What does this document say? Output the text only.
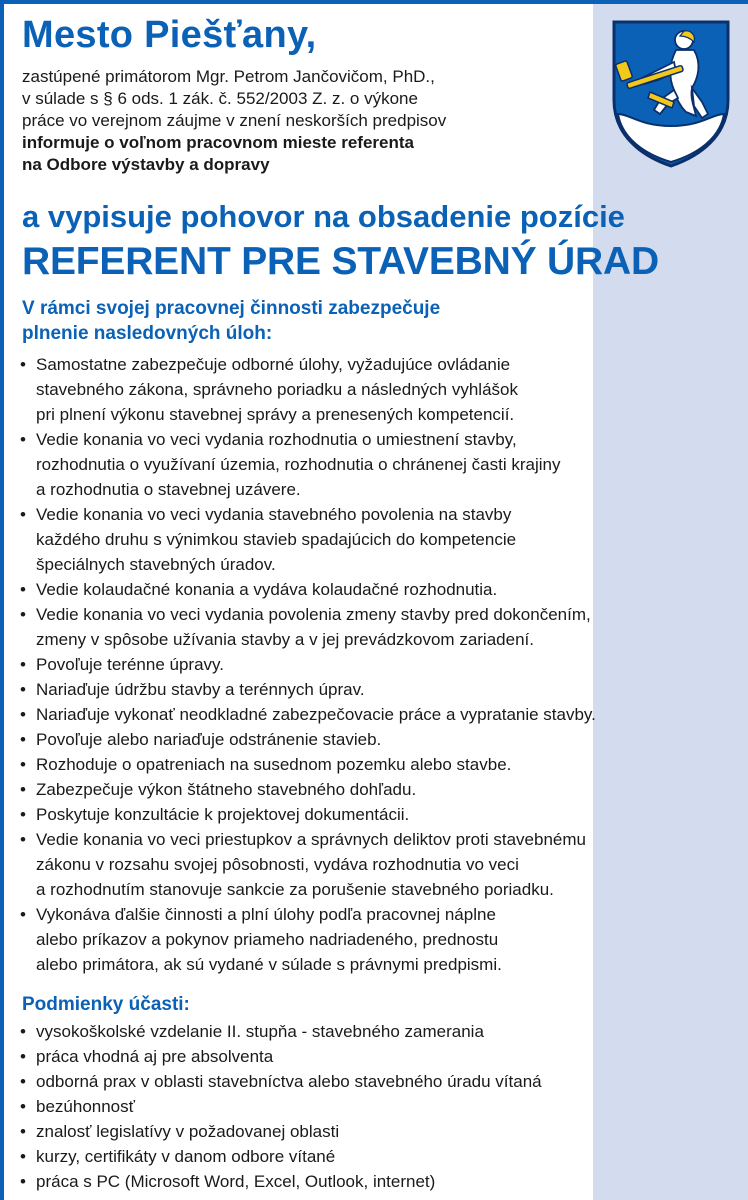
Mesto Piešťany,
zastúpené primátorom Mgr. Petrom Jančovičom, PhD.,
v súlade s § 6 ods. 1 zák. č. 552/2003 Z. z. o výkone
práce vo verejnom záujme v znení neskorších predpisov
informuje o voľnom pracovnom mieste referenta
na Odbore výstavby a dopravy
a vypisuje pohovor na obsadenie pozície
REFERENT PRE STAVEBNÝ ÚRAD
V rámci svojej pracovnej činnosti zabezpečuje
plnenie nasledovných úloh:
• Samostatne zabezpečuje odborné úlohy, vyžadujúce ovládanie
stavebného zákona, správneho poriadku a následných vyhlášok
pri plnení výkonu stavebnej správy a prenesených kompetencií.
• Vedie konania vo veci vydania rozhodnutia o umiestnení stavby,
rozhodnutia o využívaní územia, rozhodnutia o chránenej časti krajiny
a rozhodnutia o stavebnej uzávere.
• Vedie konania vo veci vydania stavebného povolenia na stavby
každého druhu s výnimkou stavieb spadajúcich do kompetencie
špeciálnych stavebných úradov.
• Vedie kolaudačné konania a vydáva kolaudačné rozhodnutia.
• Vedie konania vo veci vydania povolenia zmeny stavby pred dokončením,
zmeny v spôsobe užívania stavby a v jej prevádzkovom zariadení.
• Povoľuje terénne úpravy.
• Nariaďuje údržbu stavby a terénnych úprav.
• Nariaďuje vykonať neodkladné zabezpečovacie práce a vypratanie stavby.
• Povoľuje alebo nariaďuje odstránenie stavieb.
• Rozhoduje o opatreniach na susednom pozemku alebo stavbe.
• Zabezpečuje výkon štátneho stavebného dohľadu.
• Poskytuje konzultácie k projektovej dokumentácii.
• Vedie konania vo veci priestupkov a správnych deliktov proti stavebnému
zákonu v rozsahu svojej pôsobnosti, vydáva rozhodnutia vo veci
a rozhodnutím stanovuje sankcie za porušenie stavebného poriadku.
• Vykonáva ďalšie činnosti a plní úlohy podľa pracovnej náplne
alebo príkazov a pokynov priameho nadriadeného, prednostu
alebo primátora, ak sú vydané v súlade s právnymi predpismi.
Podmienky účasti:
• vysokoškolské vzdelanie II. stupňa - stavebného zamerania
• práca vhodná aj pre absolventa
• odborná prax v oblasti stavebníctva alebo stavebného úradu vítaná
• bezúhonnosť
• znalosť legislatívy v požadovanej oblasti
• kurzy, certifikáty v danom odbore vítané
• práca s PC (Microsoft Word, Excel, Outlook, internet)
